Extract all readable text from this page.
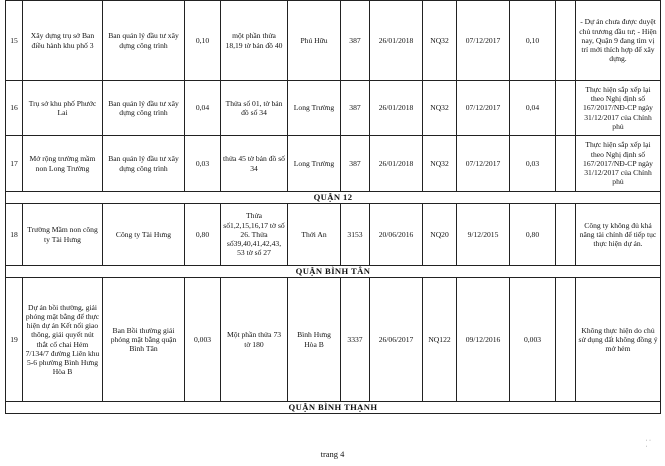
15	Xây dựng trụ sở Ban điều hành khu phố 3	Ban quản lý đầu tư xây dựng công trình	0,10	một phần thửa 18,19 tờ bản đồ 40	Phú Hữu	387	26/01/2018	NQ32	07/12/2017	0,10		- Dự án chưa được duyệt chủ trương đầu tư; - Hiện nay, Quận 9 đang tìm vị trí mới thích hợp để xây dựng.
16	Trụ sở khu phố Phước Lai	Ban quản lý đầu tư xây dựng công trình	0,04	Thửa số 01, tờ bản đồ số 34	Long Trường	387	26/01/2018	NQ32	07/12/2017	0,04		Thực hiện sắp xếp lại theo Nghị định số 167/2017/NĐ-CP ngày 31/12/2017 của Chính phủ
17	Mở rộng trường mầm non Long Trường	Ban quản lý đầu tư xây dựng công trình	0,03	thửa 45 tờ bản đồ số 34	Long Trường	387	26/01/2018	NQ32	07/12/2017	0,03		Thực hiện sắp xếp lại theo Nghị định số 167/2017/NĐ-CP ngày 31/12/2017 của Chính phủ
QUẬN 12												
18	Trường Mầm non công ty Tài Hưng	Công ty Tài Hưng	0,80	Thửa số1,2,15,16,17 tờ số 26. Thửa số39,40,41,42,43, 53 tờ số 27	Thới An	3153	20/06/2016	NQ20	9/12/2015	0,80		Công ty không đủ khả năng tài chính để tiếp tục thực hiện dự án.
QUẬN BÌNH TÂN												
19	Dự án bồi thường, giải phóng mặt bằng để thực hiện dự án Kết nối giao thông, giải quyết nút thắt cổ chai Hẻm 7/134/7 đường Liên khu 5-6 phường Bình Hưng Hòa B	Ban Bồi thường giải phóng mặt bằng quận Bình Tân	0,003	Một phần thửa 73 tờ 180	Bình Hưng Hòa B	3337	26/06/2017	NQ122	09/12/2016	0,003		Không thực hiện do chủ sử dụng đất không đồng ý mở hẻm
QUẬN BÌNH THẠNH												
trang 4
· ·
·
